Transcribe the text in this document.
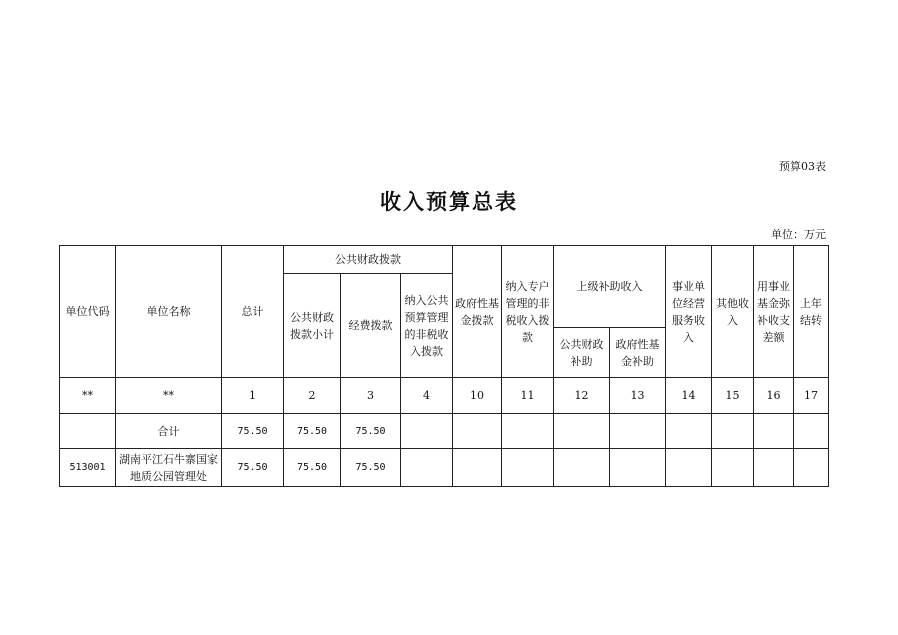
预算03表
收入预算总表
单位：万元
单位代码	单位名称	总计	公共财政拨款			政府性基金拨款	纳入专户管理的非税收入拨款	上级补助收入		事业单位经营服务收入	其他收入	用事业基金弥补收支差额	上年结转
			公共财政拨款小计	经费拨款	纳入公共预算管理的非税收入拨款								
								公共财政补助	政府性基金补助				
**	**	1	2	3	4	10	11	12	13	14	15	16	17
	合计	75.50	75.50	75.50									
513001	湖南平江石牛寨国家地质公园管理处	75.50	75.50	75.50									
